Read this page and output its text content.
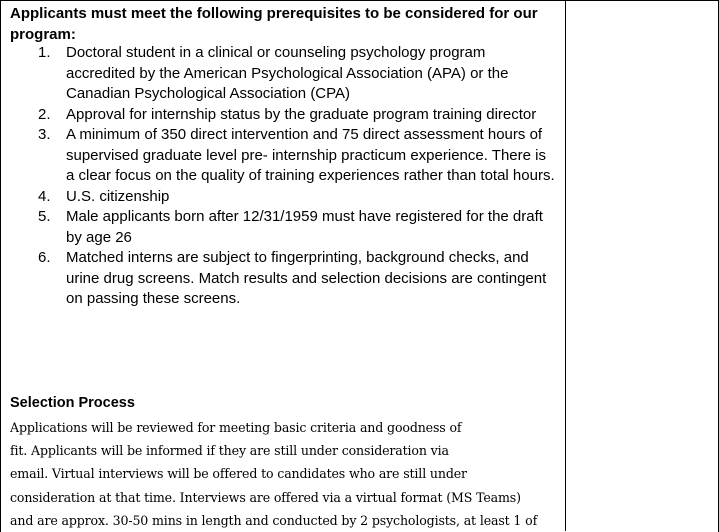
Applicants must meet the following prerequisites to be considered for our program:
1.	Doctoral student in a clinical or counseling psychology program accredited by the American Psychological Association (APA) or the Canadian Psychological Association (CPA)
2.	Approval for internship status by the graduate program training director
3.	A minimum of 350 direct intervention and 75 direct assessment hours of supervised graduate level pre- internship practicum experience. There is a clear focus on the quality of training experiences rather than total hours.
4.	U.S. citizenship
5.	Male applicants born after 12/31/1959 must have registered for the draft by age 26
6.	Matched interns are subject to fingerprinting, background checks, and urine drug screens. Match results and selection decisions are contingent on passing these screens.
Selection Process
Applications will be reviewed for meeting basic criteria and goodness of
fit. Applicants will be informed if they are still under consideration via
email. Virtual interviews will be offered to candidates who are still under
consideration at that time. Interviews are offered via a virtual format (MS Teams)
and are approx. 30-50 mins in length and conducted by 2 psychologists, at least 1 of
